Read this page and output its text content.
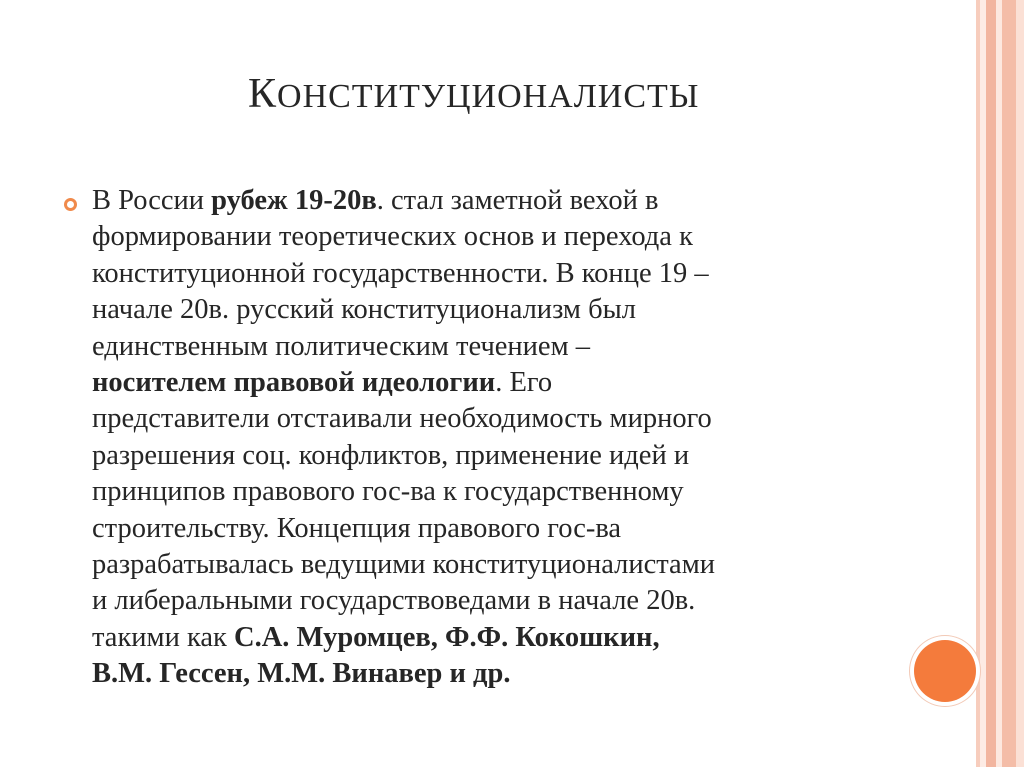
КОНСТИТУЦИОНАЛИСТЫ
В России рубеж 19-20в. стал заметной вехой в
формировании теоретических основ и перехода к
конституционной государственности. В конце 19 –
начале 20в. русский конституционализм был
единственным политическим течением –
носителем правовой идеологии. Его
представители отстаивали необходимость мирного
разрешения соц. конфликтов, применение идей и
принципов правового гос-ва к государственному
строительству. Концепция правового гос-ва
разрабатывалась ведущими конституционалистами
и либеральными государствоведами в начале 20в.
такими как С.А. Муромцев, Ф.Ф. Кокошкин,
В.М. Гессен, М.М. Винавер и др.
